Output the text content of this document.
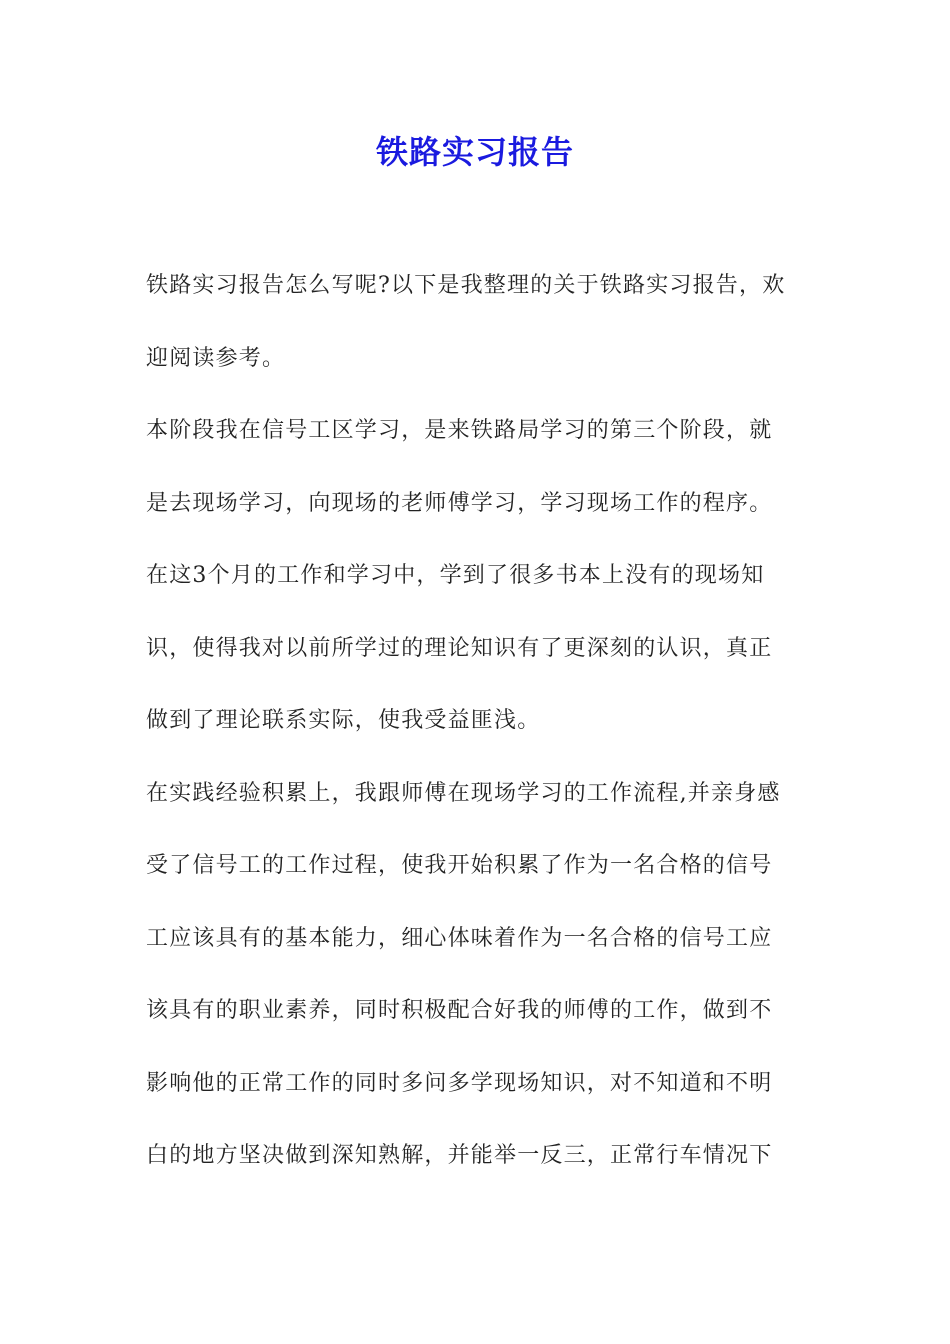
铁路实习报告
铁路实习报告怎么写呢?以下是我整理的关于铁路实习报告，欢
迎阅读参考。
本阶段我在信号工区学习，是来铁路局学习的第三个阶段，就
是去现场学习，向现场的老师傅学习，学习现场工作的程序。
在这3个月的工作和学习中，学到了很多书本上没有的现场知
识，使得我对以前所学过的理论知识有了更深刻的认识，真正
做到了理论联系实际，使我受益匪浅。
在实践经验积累上，我跟师傅在现场学习的工作流程,并亲身感
受了信号工的工作过程，使我开始积累了作为一名合格的信号
工应该具有的基本能力，细心体味着作为一名合格的信号工应
该具有的职业素养，同时积极配合好我的师傅的工作，做到不
影响他的正常工作的同时多问多学现场知识，对不知道和不明
白的地方坚决做到深知熟解，并能举一反三，正常行车情况下
